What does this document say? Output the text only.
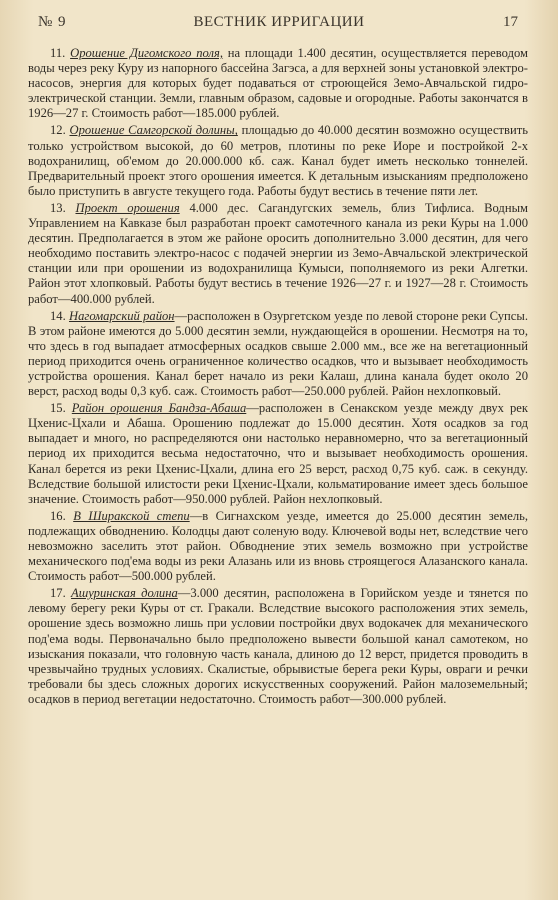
№ 9	ВЕСТНИК ИРРИГАЦИИ	17

11. Орошение Дигомского поля, на площади 1.400 десятин, осуществляется переводом воды через реку Куру из напорного бассейна Загэса, а для верхней зоны установкой электро-насосов, энергия для которых будет подаваться от строющейся Земо-Авчальской гидро-электрической станции. Земли, главным образом, садовые и огородные. Работы закончатся в 1926—27 г. Стоимость работ—185.000 рублей.

12. Орошение Самгорской долины, площадью до 40.000 десятин возможно осуществить только устройством высокой, до 60 метров, плотины по реке Иоре и постройкой 2-х водохранилищ, об'емом до 20.000.000 кб. саж. Канал будет иметь несколько тоннелей. Предварительный проект этого орошения имеется. К детальным изысканиям предположено было приступить в августе текущего года. Работы будут вестись в течение пяти лет.

13. Проект орошения 4.000 дес. Сагандугских земель, близ Тифлиса. Водным Управлением на Кавказе был разработан проект самотечного канала из реки Куры на 1.000 десятин. Предполагается в этом же районе оросить дополнительно 3.000 десятин, для чего необходимо поставить электро-насос с подачей энергии из Земо-Авчальской электрической станции или при орошении из водохранилища Кумыси, пополняемого из реки Алгетки. Район этот хлопковый. Работы будут вестись в течение 1926—27 г. и 1927—28 г. Стоимость работ—400.000 рублей.

14. Нагомарский район—расположен в Озургетском уезде по левой стороне реки Супсы. В этом районе имеются до 5.000 десятин земли, нуждающейся в орошении. Несмотря на то, что здесь в год выпадает атмосферных осадков свыше 2.000 мм., все же на вегетационный период приходится очень ограниченное количество осадков, что и вызывает необходимость устройства орошения. Канал берет начало из реки Калаш, длина канала будет около 20 верст, расход воды 0,3 куб. саж. Стоимость работ—250.000 рублей. Район нехлопковый.

15. Район орошения Бандза-Абаша—расположен в Сенакском уезде между двух рек Цхенис-Цхали и Абаша. Орошению подлежат до 15.000 десятин. Хотя осадков за год выпадает и много, но распределяются они настолько неравномерно, что за вегетационный период их приходится весьма недостаточно, что и вызывает необходимость орошения. Канал берется из реки Цхенис-Цхали, длина его 25 верст, расход 0,75 куб. саж. в секунду. Вследствие большой илистости реки Цхенис-Цхали, кольматирование имеет здесь большое значение. Стоимость работ—950.000 рублей. Район нехлопковый.

16. В Ширакской степи—в Сигнахском уезде, имеется до 25.000 десятин земель, подлежащих обводнению. Колодцы дают соленую воду. Ключевой воды нет, вследствие чего невозможно заселить этот район. Обводнение этих земель возможно при устройстве механического под'ема воды из реки Алазань или из вновь строящегося Алазанского канала. Стоимость работ—500.000 рублей.

17. Ашуринская долина—3.000 десятин, расположена в Горийском уезде и тянется по левому берегу реки Куры от ст. Гракали. Вследствие высокого расположения этих земель, орошение здесь возможно лишь при условии постройки двух водокачек для механического под'ема воды. Первоначально было предположено вывести большой канал самотеком, но изыскания показали, что головную часть канала, длиною до 12 верст, придется проводить в чрезвычайно трудных условиях. Скалистые, обрывистые берега реки Куры, овраги и речки требовали бы здесь сложных дорогих искусственных сооружений. Район малоземельный; осадков в период вегетации недостаточно. Стоимость работ—300.000 рублей.
